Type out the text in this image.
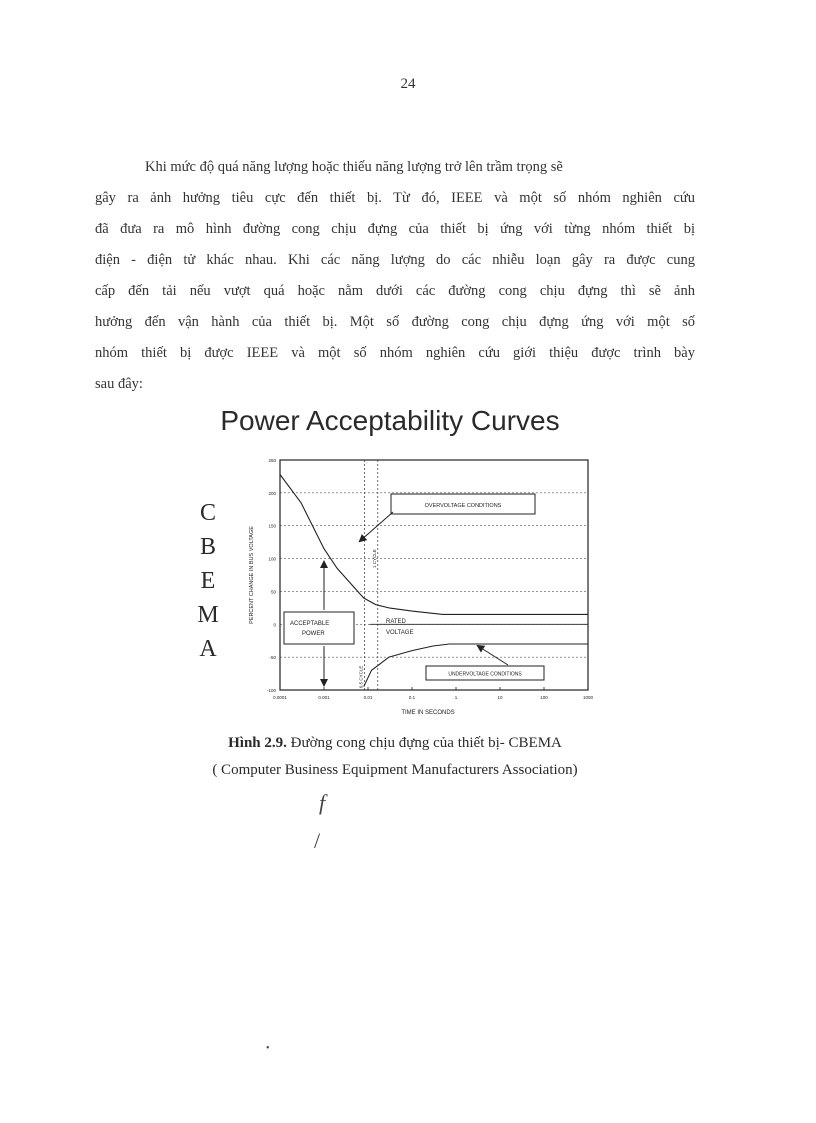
24
Khi mức độ quá năng lượng hoặc thiếu năng lượng trở lên trầm trọng sẽ
gây ra ảnh hưởng tiêu cực đến thiết bị. Từ đó, IEEE và một số nhóm nghiên cứu
đã đưa ra mô hình đường cong chịu đựng của thiết bị ứng với từng nhóm thiết bị
điện - điện tử khác nhau. Khi các năng lượng do các nhiễu loạn gây ra được cung
cấp đến tải nếu vượt quá hoặc nằm dưới các đường cong chịu đựng thì sẽ ảnh
hưởng đến vận hành của thiết bị. Một số đường cong chịu đựng ứng với một số
nhóm thiết bị được IEEE và một số nhóm nghiên cứu giới thiệu được trình bày
sau đây:
Power Acceptability Curves
C
B
E
M
A
250
200
150
100
50
0
-50
-100
0.0001	0.001	0.01	0.1	1	10	100	1000
0.5 CYCLE
1 CYCLE
OVERVOLTAGE CONDITIONS
ACCEPTABLE POWER
RATED VOLTAGE
UNDERVOLTAGE CONDITIONS
TIME IN SECONDS
PERCENT CHANGE IN BUS VOLTAGE
Hình 2.9. Đường cong chịu đựng của thiết bị- CBEMA
( Computer Business Equipment Manufacturers Association)
f
/
•
